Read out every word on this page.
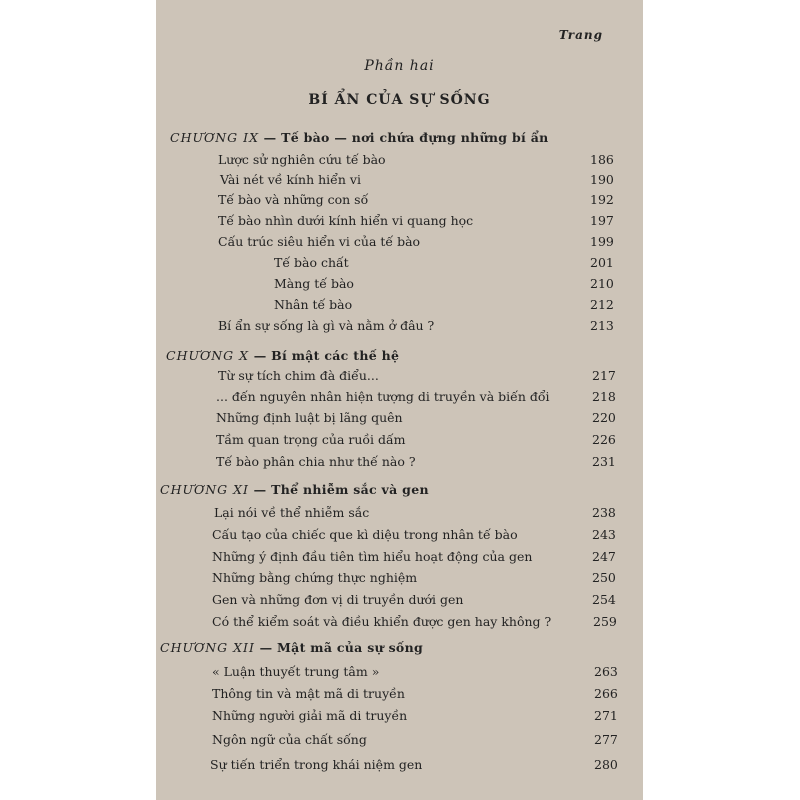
Trang
Phần hai
BÍ ẨN CỦA SỰ SỐNG
CHƯƠNG IX — Tế bào — nơi chứa đựng những bí ẩn
Lược sử nghiên cứu tế bào	186
Vài nét về kính hiển vi	190
Tế bào và những con số	192
Tế bào nhìn dưới kính hiển vi quang học	197
Cấu trúc siêu hiển vi của tế bào	199
Tế bào chất	201
Màng tế bào	210
Nhân tế bào	212
Bí ẩn sự sống là gì và nằm ở đâu ?	213
CHƯƠNG X — Bí mật các thế hệ
Từ sự tích chim đà điểu...	217
... đến nguyên nhân hiện tượng di truyền và biến đổi	218
Những định luật bị lãng quên	220
Tầm quan trọng của ruồi dấm	226
Tế bào phân chia như thế nào ?	231
CHƯƠNG XI — Thể nhiễm sắc và gen
Lại nói về thể nhiễm sắc	238
Cấu tạo của chiếc que kì diệu trong nhân tế bào	243
Những ý định đầu tiên tìm hiểu hoạt động của gen	247
Những bằng chứng thực nghiệm	250
Gen và những đơn vị di truyền dưới gen	254
Có thể kiểm soát và điều khiển được gen hay không ?	259
CHƯƠNG XII — Mật mã của sự sống
« Luận thuyết trung tâm »	263
Thông tin và mật mã di truyền	266
Những người giải mã di truyền	271
Ngôn ngữ của chất sống	277
Sự tiến triển trong khái niệm gen	280
